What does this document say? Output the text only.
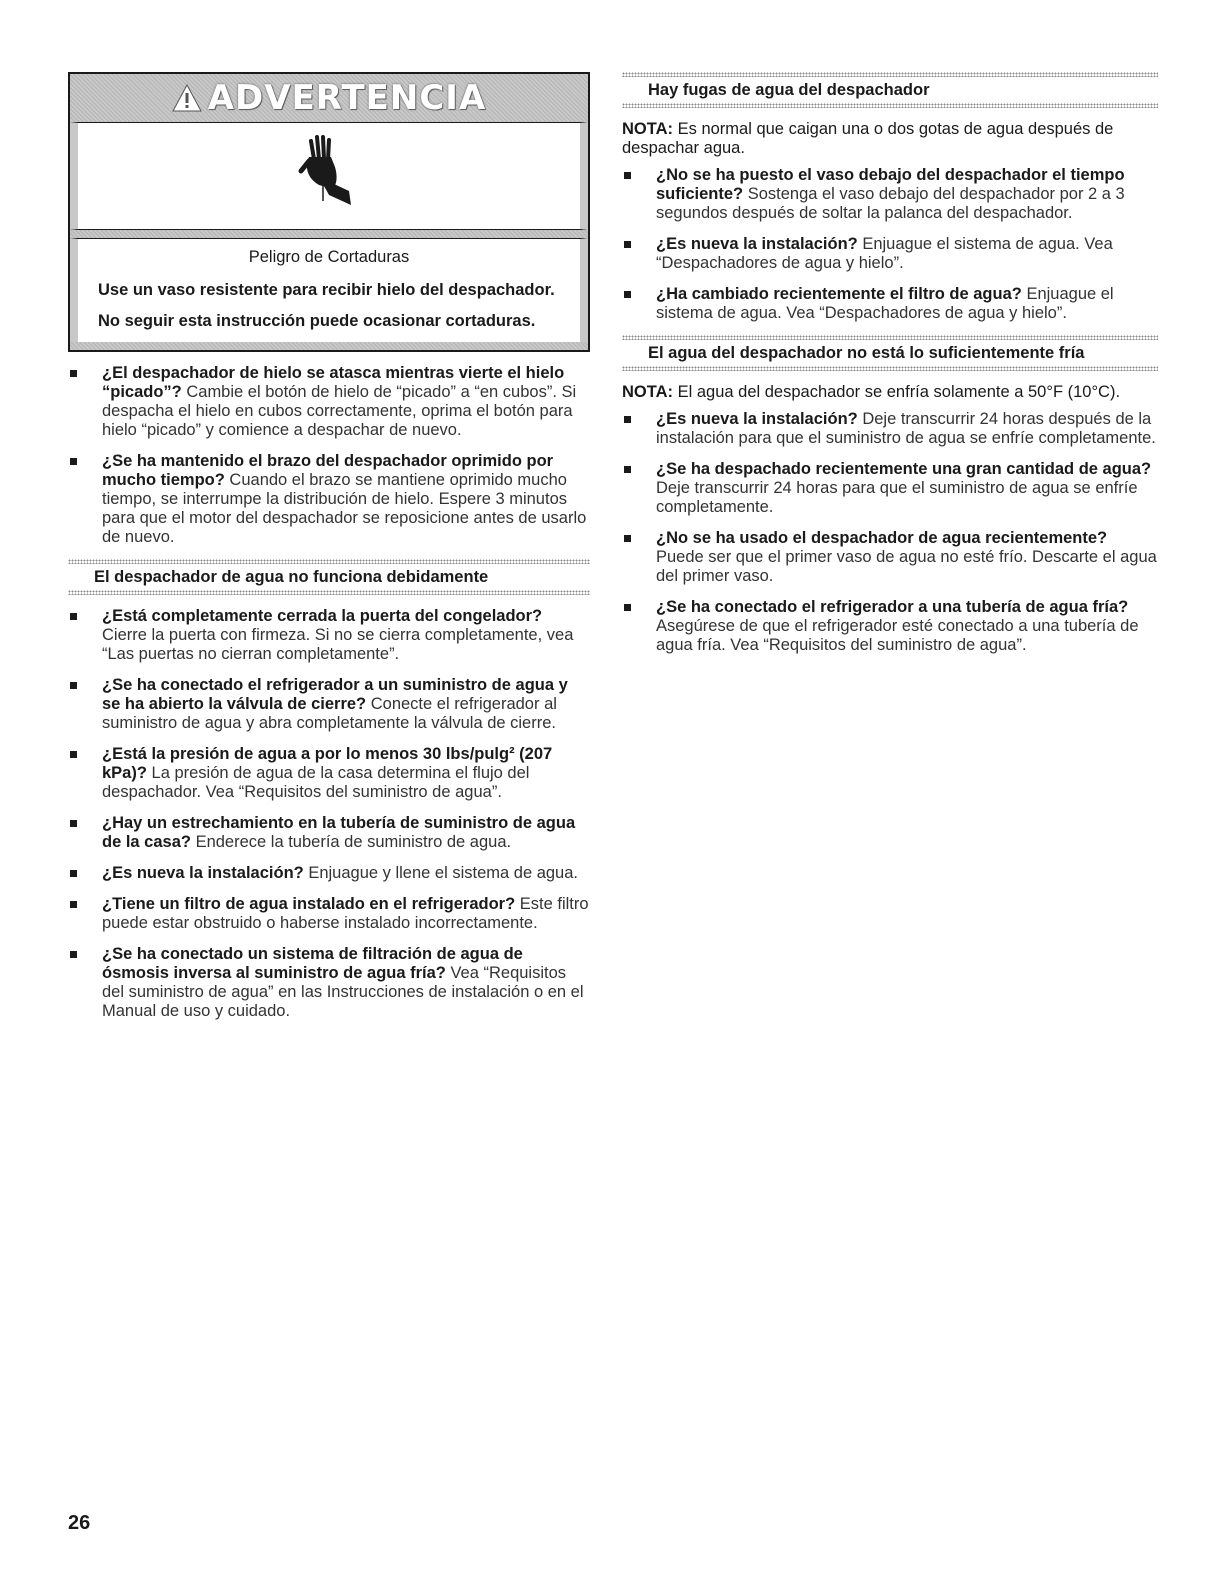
ADVERTENCIA
Peligro de Cortaduras

Use un vaso resistente para recibir hielo del despachador.

No seguir esta instrucción puede ocasionar cortaduras.

¿El despachador de hielo se atasca mientras vierte el hielo “picado”? Cambie el botón de hielo de “picado” a “en cubos”. Si despacha el hielo en cubos correctamente, oprima el botón para hielo “picado” y comience a despachar de nuevo.
¿Se ha mantenido el brazo del despachador oprimido por mucho tiempo? Cuando el brazo se mantiene oprimido mucho tiempo, se interrumpe la distribución de hielo. Espere 3 minutos para que el motor del despachador se reposicione antes de usarlo de nuevo.
El despachador de agua no funciona debidamente
¿Está completamente cerrada la puerta del congelador? Cierre la puerta con firmeza. Si no se cierra completamente, vea “Las puertas no cierran completamente”.
¿Se ha conectado el refrigerador a un suministro de agua y se ha abierto la válvula de cierre? Conecte el refrigerador al suministro de agua y abra completamente la válvula de cierre.
¿Está la presión de agua a por lo menos 30 lbs/pulg² (207 kPa)? La presión de agua de la casa determina el flujo del despachador. Vea “Requisitos del suministro de agua”.
¿Hay un estrechamiento en la tubería de suministro de agua de la casa? Enderece la tubería de suministro de agua.
¿Es nueva la instalación? Enjuague y llene el sistema de agua.
¿Tiene un filtro de agua instalado en el refrigerador? Este filtro puede estar obstruido o haberse instalado incorrectamente.
¿Se ha conectado un sistema de filtración de agua de ósmosis inversa al suministro de agua fría? Vea “Requisitos del suministro de agua” en las Instrucciones de instalación o en el Manual de uso y cuidado.
Hay fugas de agua del despachador

NOTA: Es normal que caigan una o dos gotas de agua después de despachar agua.

¿No se ha puesto el vaso debajo del despachador el tiempo suficiente? Sostenga el vaso debajo del despachador por 2 a 3 segundos después de soltar la palanca del despachador.
¿Es nueva la instalación? Enjuague el sistema de agua. Vea “Despachadores de agua y hielo”.
¿Ha cambiado recientemente el filtro de agua? Enjuague el sistema de agua. Vea “Despachadores de agua y hielo”.
El agua del despachador no está lo suficientemente fría

NOTA: El agua del despachador se enfría solamente a 50°F (10°C).

¿Es nueva la instalación? Deje transcurrir 24 horas después de la instalación para que el suministro de agua se enfríe completamente.
¿Se ha despachado recientemente una gran cantidad de agua? Deje transcurrir 24 horas para que el suministro de agua se enfríe completamente.
¿No se ha usado el despachador de agua recientemente? Puede ser que el primer vaso de agua no esté frío. Descarte el agua del primer vaso.
¿Se ha conectado el refrigerador a una tubería de agua fría? Asegúrese de que el refrigerador esté conectado a una tubería de agua fría. Vea “Requisitos del suministro de agua”.
26
